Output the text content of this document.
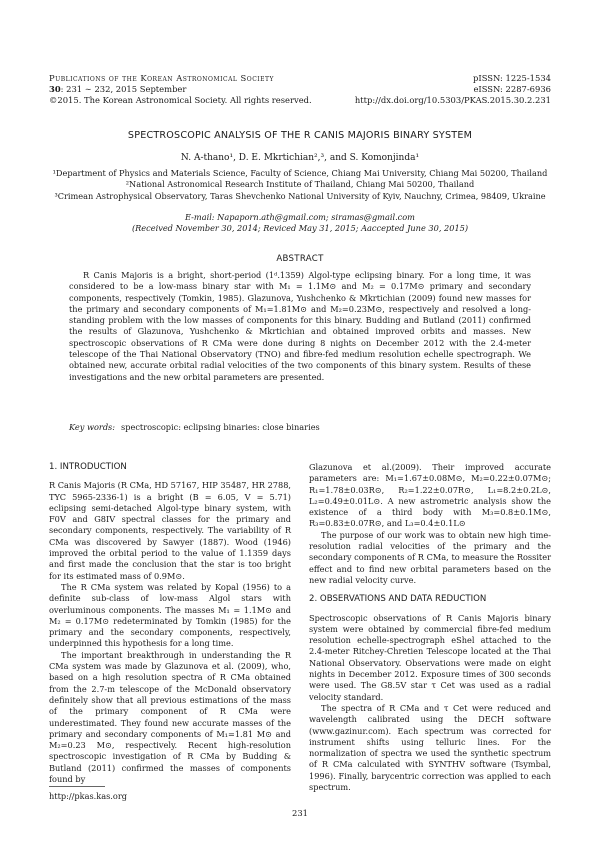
Publications of the Korean Astronomical Society
30: 231 ∼ 232, 2015 September
©2015. The Korean Astronomical Society. All rights reserved.
pISSN: 1225-1534
eISSN: 2287-6936
http://dx.doi.org/10.5303/PKAS.2015.30.2.231
SPECTROSCOPIC ANALYSIS OF THE R CANIS MAJORIS BINARY SYSTEM
N. A-thano¹, D. E. Mkrtichian²,³, and S. Komonjinda¹
¹Department of Physics and Materials Science, Faculty of Science, Chiang Mai University, Chiang Mai 50200, Thailand
²National Astronomical Research Institute of Thailand, Chiang Mai 50200, Thailand
³Crimean Astrophysical Observatory, Taras Shevchenko National University of Kyiv, Nauchny, Crimea, 98409, Ukraine
E-mail: Napaporn.ath@gmail.com; siramas@gmail.com
(Received November 30, 2014; Reviced May 31, 2015; Aaccepted June 30, 2015)
ABSTRACT

R Canis Majoris is a bright, short-period (1ᵈ.1359) Algol-type eclipsing binary. For a long time, it was considered to be a low-mass binary star with M₁ = 1.1M⊙ and M₂ = 0.17M⊙ primary and secondary components, respectively (Tomkin, 1985). Glazunova, Yushchenko & Mkrtichian (2009) found new masses for the primary and secondary components of M₁=1.81M⊙ and M₂=0.23M⊙, respectively and resolved a long-standing problem with the low masses of components for this binary. Budding and Butland (2011) confirmed the results of Glazunova, Yushchenko & Mkrtichian and obtained improved orbits and masses. New spectroscopic observations of R CMa were done during 8 nights on December 2012 with the 2.4-meter telescope of the Thai National Observatory (TNO) and fibre-fed medium resolution echelle spectrograph. We obtained new, accurate orbital radial velocities of the two components of this binary system. Results of these investigations and the new orbital parameters are presented.

Key words: spectroscopic: eclipsing binaries: close binaries
1. INTRODUCTION

R Canis Majoris (R CMa, HD 57167, HIP 35487, HR 2788, TYC 5965-2336-1) is a bright (B = 6.05, V = 5.71) eclipsing semi-detached Algol-type binary system, with F0V and G8IV spectral classes for the primary and secondary components, respectively. The variability of R CMa was discovered by Sawyer (1887). Wood (1946) improved the orbital period to the value of 1.1359 days and first made the conclusion that the star is too bright for its estimated mass of 0.9M⊙.

The R CMa system was related by Kopal (1956) to a definite sub-class of low-mass Algol stars with overluminous components. The masses M₁ = 1.1M⊙ and M₂ = 0.17M⊙ redeterminated by Tomkin (1985) for the primary and the secondary components, respectively, underpinned this hypothesis for a long time.

The important breakthrough in understanding the R CMa system was made by Glazunova et al. (2009), who, based on a high resolution spectra of R CMa obtained from the 2.7-m telescope of the McDonald observatory definitely show that all previous estimations of the mass of the primary component of R CMa were underestimated. They found new accurate masses of the primary and secondary components of M₁=1.81 M⊙ and M₂=0.23 M⊙, respectively. Recent high-resolution spectroscopic investigation of R CMa by Budding & Butland (2011) confirmed the masses of components found by

Glazunova et al.(2009). Their improved accurate parameters are: M₁=1.67±0.08M⊙, M₂=0.22±0.07M⊙; R₁=1.78±0.03R⊙, R₂=1.22±0.07R⊙, L₁=8.2±0.2L⊙, L₂=0.49±0.01L⊙. A new astrometric analysis show the existence of a third body with M₃=0.8±0.1M⊙, R₃=0.83±0.07R⊙, and L₃=0.4±0.1L⊙

The purpose of our work was to obtain new high time-resolution radial velocities of the primary and the secondary components of R CMa, to measure the Rossiter effect and to find new orbital parameters based on the new radial velocity curve.

2. OBSERVATIONS AND DATA REDUCTION

Spectroscopic observations of R Canis Majoris binary system were obtained by commercial fibre-fed medium resolution echelle-spectrograph eShel attached to the 2.4-meter Ritchey-Chretien Telescope located at the Thai National Observatory. Observations were made on eight nights in December 2012. Exposure times of 300 seconds were used. The G8.5V star τ Cet was used as a radial velocity standard.

The spectra of R CMa and τ Cet were reduced and wavelength calibrated using the DECH software (www.gazinur.com). Each spectrum was corrected for instrument shifts using telluric lines. For the normalization of spectra we used the synthetic spectrum of R CMa calculated with SYNTHV software (Tsymbal, 1996). Finally, barycentric correction was applied to each spectrum.

http://pkas.kas.org
231
